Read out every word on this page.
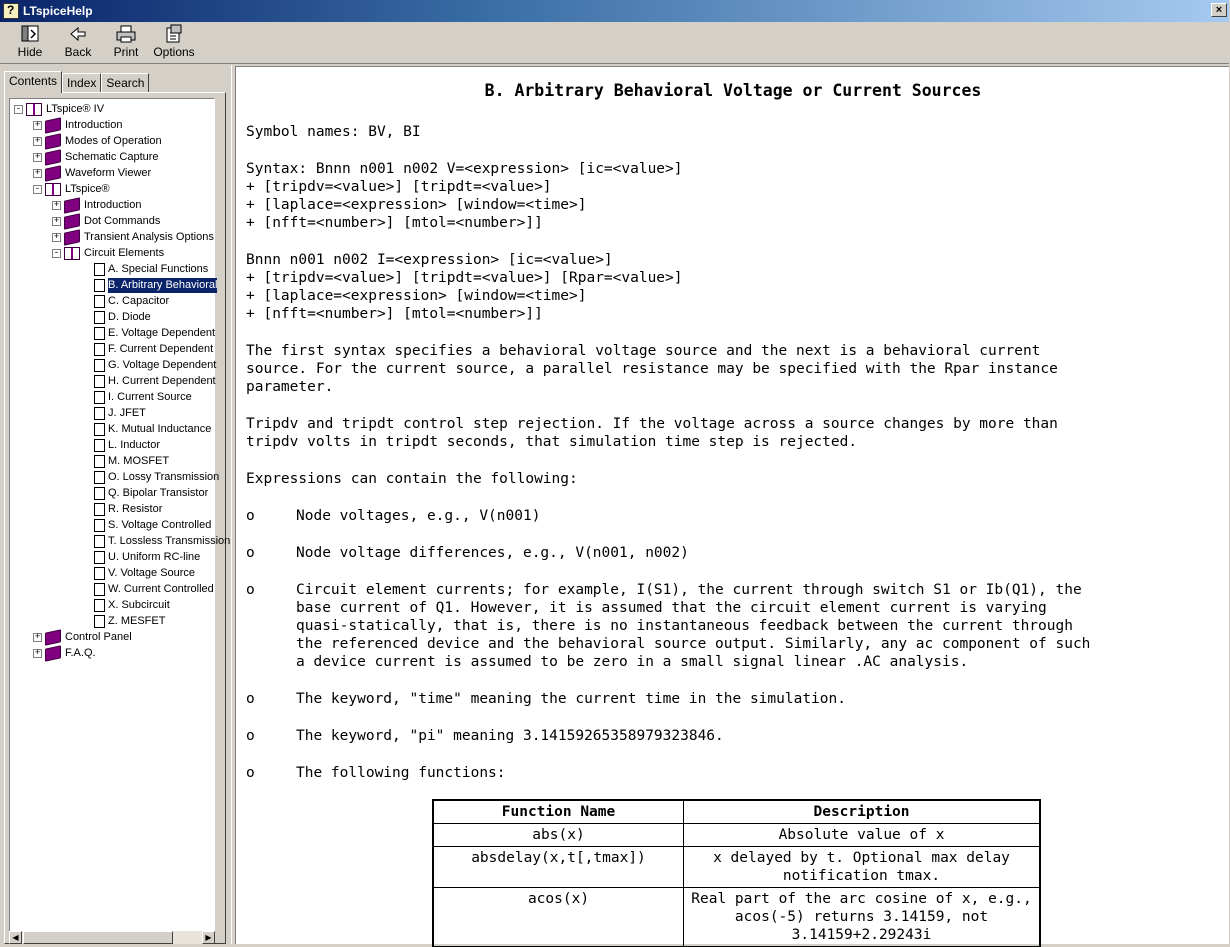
?
LTspiceHelp	×
Hide Back Print Options
Contents Index Search
- LTspice® IV
+ Introduction
+ Modes of Operation
+ Schematic Capture
+ Waveform Viewer
- LTspice®
+ Introduction
+ Dot Commands
+ Transient Analysis Options
- Circuit Elements
A. Special Functions
B. Arbitrary Behavioral
C. Capacitor
D. Diode
E. Voltage Dependent
F. Current Dependent
G. Voltage Dependent
H. Current Dependent
I. Current Source
J. JFET
K. Mutual Inductance
L. Inductor
M. MOSFET
O. Lossy Transmission
Q. Bipolar Transistor
R. Resistor
S. Voltage Controlled
T. Lossless Transmission
U. Uniform RC-line
V. Voltage Source
W. Current Controlled
X. Subcircuit
Z. MESFET
+ Control Panel
+ F.A.Q.
◀	▶
B. Arbitrary Behavioral Voltage or Current Sources
Symbol names: BV, BI
Syntax: Bnnn n001 n002 V=<expression> [ic=<value>]
+ [tripdv=<value>] [tripdt=<value>]
+ [laplace=<expression> [window=<time>]
+ [nfft=<number>] [mtol=<number>]]
Bnnn n001 n002 I=<expression> [ic=<value>]
+ [tripdv=<value>] [tripdt=<value>] [Rpar=<value>]
+ [laplace=<expression> [window=<time>]
+ [nfft=<number>] [mtol=<number>]]
The first syntax specifies a behavioral voltage source and the next is a behavioral current
source. For the current source, a parallel resistance may be specified with the Rpar instance
parameter.
Tripdv and tripdt control step rejection. If the voltage across a source changes by more than
tripdv volts in tripdt seconds, that simulation time step is rejected.
Expressions can contain the following:
o	Node voltages, e.g., V(n001)
o	Node voltage differences, e.g., V(n001, n002)
o	Circuit element currents; for example, I(S1), the current through switch S1 or Ib(Q1), the
base current of Q1. However, it is assumed that the circuit element current is varying
quasi-statically, that is, there is no instantaneous feedback between the current through
the referenced device and the behavioral source output. Similarly, any ac component of such
a device current is assumed to be zero in a small signal linear .AC analysis.
o	The keyword, "time" meaning the current time in the simulation.
o	The keyword, "pi" meaning 3.14159265358979323846.
o	The following functions:
Function Name	Description
abs(x)	Absolute value of x
absdelay(x,t[,tmax])	x delayed by t. Optional max delay notification tmax.
acos(x)	Real part of the arc cosine of x, e.g., acos(-5) returns 3.14159, not 3.14159+2.29243i
